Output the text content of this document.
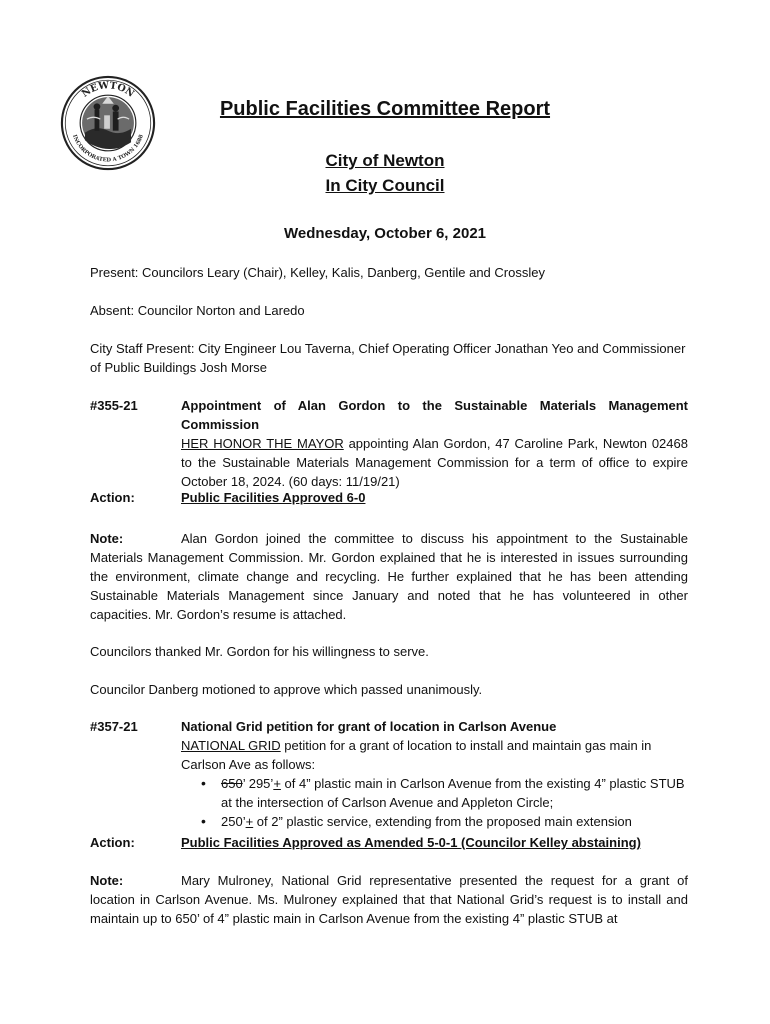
NEWTON
INCORPORATED A TOWN 1688
Public Facilities Committee Report
City of Newton
In City Council
Wednesday, October 6, 2021
Present: Councilors Leary (Chair), Kelley, Kalis, Danberg, Gentile and Crossley
Absent: Councilor Norton and Laredo
City Staff Present: City Engineer Lou Taverna, Chief Operating Officer Jonathan Yeo and Commissioner of Public Buildings Josh Morse
#355-21	Appointment of Alan Gordon to the Sustainable Materials Management Commission
HER HONOR THE MAYOR appointing Alan Gordon, 47 Caroline Park, Newton 02468 to the Sustainable Materials Management Commission for a term of office to expire October 18, 2024. (60 days: 11/19/21)
Action:	Public Facilities Approved 6-0
Note:	Alan Gordon joined the committee to discuss his appointment to the Sustainable Materials Management Commission. Mr. Gordon explained that he is interested in issues surrounding the environment, climate change and recycling. He further explained that he has been attending Sustainable Materials Management since January and noted that he has volunteered in other capacities. Mr. Gordon’s resume is attached.
Councilors thanked Mr. Gordon for his willingness to serve.
Councilor Danberg motioned to approve which passed unanimously.
#357-21	National Grid petition for grant of location in Carlson Avenue
NATIONAL GRID petition for a grant of location to install and maintain gas main in Carlson Ave as follows:
• 650’ 295’+ of 4” plastic main in Carlson Avenue from the existing 4” plastic STUB at the intersection of Carlson Avenue and Appleton Circle;
• 250’+ of 2” plastic service, extending from the proposed main extension
Action:	Public Facilities Approved as Amended 5-0-1 (Councilor Kelley abstaining)
Note:	Mary Mulroney, National Grid representative presented the request for a grant of location in Carlson Avenue. Ms. Mulroney explained that that National Grid’s request is to install and maintain up to 650’ of 4” plastic main in Carlson Avenue from the existing 4” plastic STUB at
